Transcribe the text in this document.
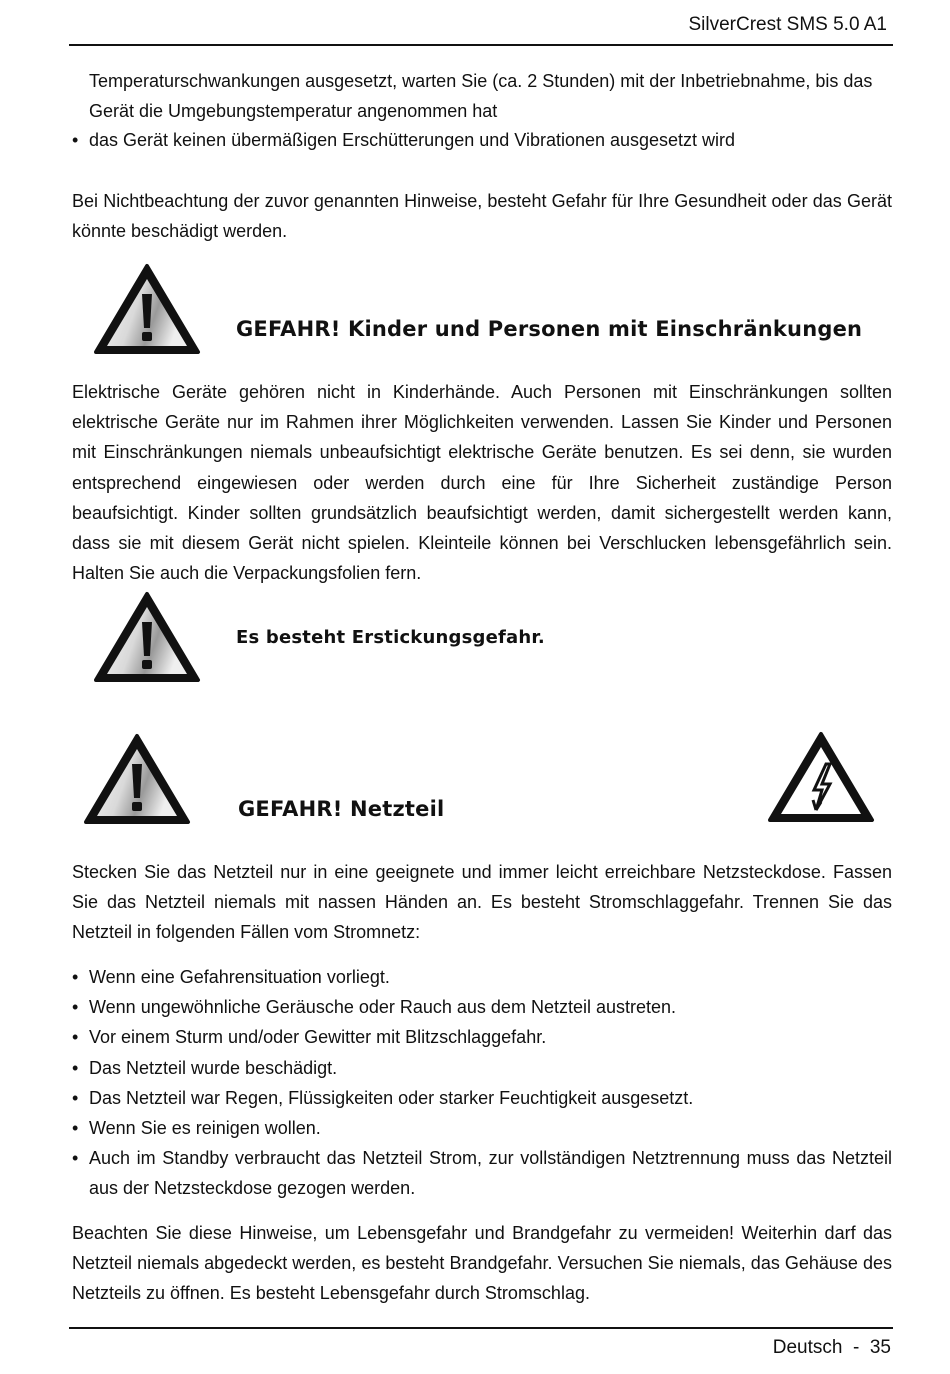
SilverCrest SMS 5.0 A1
Temperaturschwankungen ausgesetzt, warten Sie (ca. 2 Stunden) mit der Inbetriebnahme, bis das Gerät die Umgebungstemperatur angenommen hat
• das Gerät keinen übermäßigen Erschütterungen und Vibrationen ausgesetzt wird
Bei Nichtbeachtung der zuvor genannten Hinweise, besteht Gefahr für Ihre Gesundheit oder das Gerät könnte beschädigt werden.
GEFAHR! Kinder und Personen mit Einschränkungen
Elektrische Geräte gehören nicht in Kinderhände. Auch Personen mit Einschränkungen sollten elektrische Geräte nur im Rahmen ihrer Möglichkeiten verwenden. Lassen Sie Kinder und Personen mit Einschränkungen niemals unbeaufsichtigt elektrische Geräte benutzen. Es sei denn, sie wurden entsprechend eingewiesen oder werden durch eine für Ihre Sicherheit zuständige Person beaufsichtigt. Kinder sollten grundsätzlich beaufsichtigt werden, damit sichergestellt werden kann, dass sie mit diesem Gerät nicht spielen. Kleinteile können bei Verschlucken lebensgefährlich sein. Halten Sie auch die Verpackungsfolien fern.
Es besteht Erstickungsgefahr.
GEFAHR! Netzteil
Stecken Sie das Netzteil nur in eine geeignete und immer leicht erreichbare Netzsteckdose. Fassen Sie das Netzteil niemals mit nassen Händen an. Es besteht Stromschlaggefahr. Trennen Sie das Netzteil in folgenden Fällen vom Stromnetz:
• Wenn eine Gefahrensituation vorliegt.
• Wenn ungewöhnliche Geräusche oder Rauch aus dem Netzteil austreten.
• Vor einem Sturm und/oder Gewitter mit Blitzschlaggefahr.
• Das Netzteil wurde beschädigt.
• Das Netzteil war Regen, Flüssigkeiten oder starker Feuchtigkeit ausgesetzt.
• Wenn Sie es reinigen wollen.
• Auch im Standby verbraucht das Netzteil Strom, zur vollständigen Netztrennung muss das Netzteil aus der Netzsteckdose gezogen werden.
Beachten Sie diese Hinweise, um Lebensgefahr und Brandgefahr zu vermeiden! Weiterhin darf das Netzteil niemals abgedeckt werden, es besteht Brandgefahr. Versuchen Sie niemals, das Gehäuse des Netzteils zu öffnen. Es besteht Lebensgefahr durch Stromschlag.
Deutsch  -  35
